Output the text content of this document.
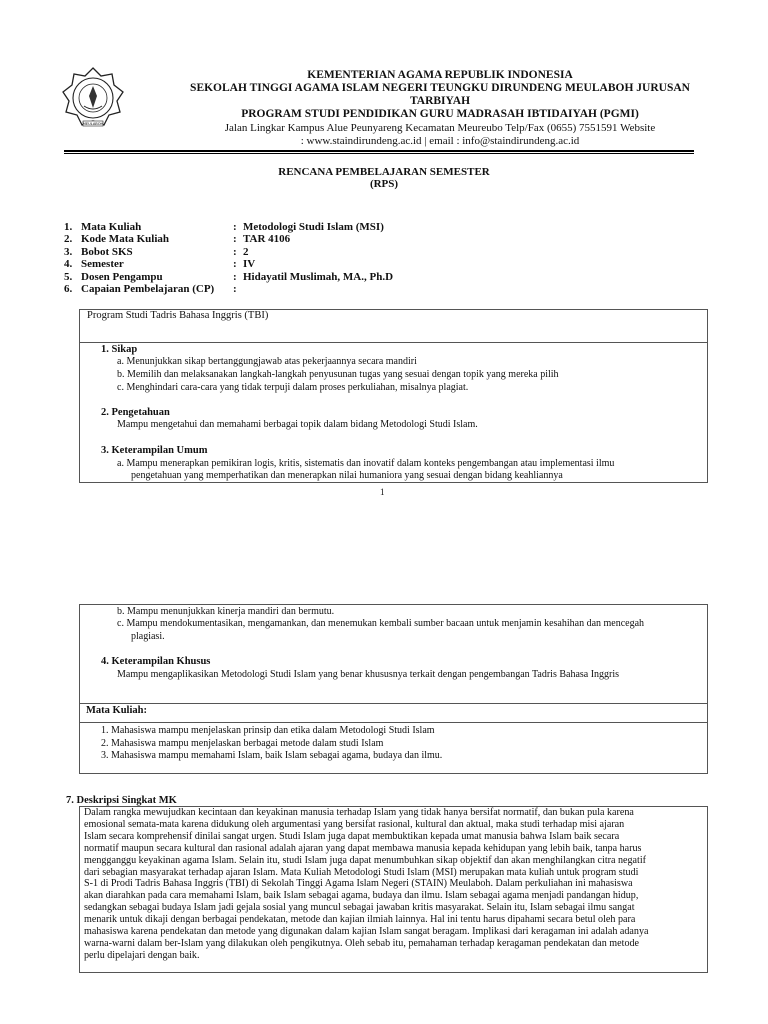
MEULABOH
KEMENTERIAN AGAMA REPUBLIK INDONESIA
SEKOLAH TINGGI AGAMA ISLAM NEGERI TEUNGKU DIRUNDENG MEULABOH JURUSAN
TARBIYAH
PROGRAM STUDI PENDIDIKAN GURU MADRASAH IBTIDAIYAH (PGMI)
Jalan Lingkar Kampus Alue Peunyareng Kecamatan Meureubo Telp/Fax (0655) 7551591 Website
: www.staindirundeng.ac.id | email : info@staindirundeng.ac.id
RENCANA PEMBELAJARAN SEMESTER
(RPS)
1. Mata Kuliah	: Metodologi Studi Islam (MSI)
2. Kode Mata Kuliah	: TAR 4106
3. Bobot SKS	: 2
4. Semester	: IV
5. Dosen Pengampu	: Hidayatil Muslimah, MA., Ph.D
6. Capaian Pembelajaran (CP) :
Program Studi Tadris Bahasa Inggris (TBI)
1. Sikap
a. Menunjukkan sikap bertanggungjawab atas pekerjaannya secara mandiri
b. Memilih dan melaksanakan langkah-langkah penyusunan tugas yang sesuai dengan topik yang mereka pilih
c. Menghindari cara-cara yang tidak terpuji dalam proses perkuliahan, misalnya plagiat.
2. Pengetahuan
Mampu mengetahui dan memahami berbagai topik dalam bidang Metodologi Studi Islam.
3. Keterampilan Umum
a. Mampu menerapkan pemikiran logis, kritis, sistematis dan inovatif dalam konteks pengembangan atau implementasi ilmu
pengetahuan yang memperhatikan dan menerapkan nilai humaniora yang sesuai dengan bidang keahliannya
1
b. Mampu menunjukkan kinerja mandiri dan bermutu.
c. Mampu mendokumentasikan, mengamankan, dan menemukan kembali sumber bacaan untuk menjamin kesahihan dan mencegah
plagiasi.
4. Keterampilan Khusus
Mampu mengaplikasikan Metodologi Studi Islam yang benar khususnya terkait dengan pengembangan Tadris Bahasa Inggris
Mata Kuliah:
1. Mahasiswa mampu menjelaskan prinsip dan etika dalam Metodologi Studi Islam
2. Mahasiswa mampu menjelaskan berbagai metode dalam studi Islam
3. Mahasiswa mampu memahami Islam, baik Islam sebagai agama, budaya dan ilmu.
7. Deskripsi Singkat MK
Dalam rangka mewujudkan kecintaan dan keyakinan manusia terhadap Islam yang tidak hanya bersifat normatif, dan bukan pula karena
emosional semata-mata karena didukung oleh argumentasi yang bersifat rasional, kultural dan aktual, maka studi terhadap misi ajaran
Islam secara komprehensif dinilai sangat urgen. Studi Islam juga dapat membuktikan kepada umat manusia bahwa Islam baik secara
normatif maupun secara kultural dan rasional adalah ajaran yang dapat membawa manusia kepada kehidupan yang lebih baik, tanpa harus
mengganggu keyakinan agama Islam. Selain itu, studi Islam juga dapat menumbuhkan sikap objektif dan akan menghilangkan citra negatif
dari sebagian masyarakat terhadap ajaran Islam. Mata Kuliah Metodologi Studi Islam (MSI) merupakan mata kuliah untuk program studi
S-1 di Prodi Tadris Bahasa Inggris (TBI) di Sekolah Tinggi Agama Islam Negeri (STAIN) Meulaboh. Dalam perkuliahan ini mahasiswa
akan diarahkan pada cara memahami Islam, baik Islam sebagai agama, budaya dan ilmu. Islam sebagai agama menjadi pandangan hidup,
sedangkan sebagai budaya Islam jadi gejala sosial yang muncul sebagai jawaban kritis masyarakat. Selain itu, Islam sebagai ilmu sangat
menarik untuk dikaji dengan berbagai pendekatan, metode dan kajian ilmiah lainnya. Hal ini tentu harus dipahami secara betul oleh para
mahasiswa karena pendekatan dan metode yang digunakan dalam kajian Islam sangat beragam. Implikasi dari keragaman ini adalah adanya
warna-warni dalam ber-Islam yang dilakukan oleh pengikutnya. Oleh sebab itu, pemahaman terhadap keragaman pendekatan dan metode
perlu dipelajari dengan baik.
